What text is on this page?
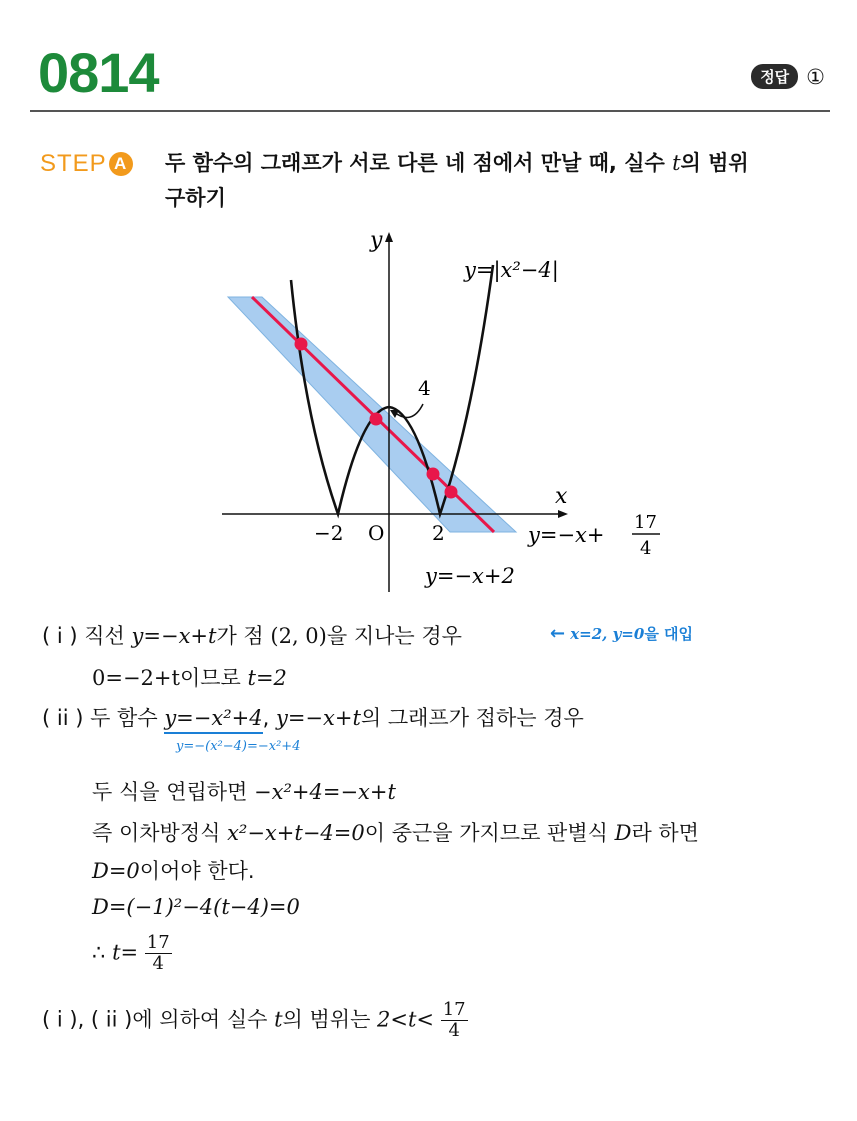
0814	정답 ①
STEP A 두 함수의 그래프가 서로 다른 네 점에서 만날 때, 실수 t의 범위
구하기
y
x
y=|x²−4|
4
−2 O 2	y=−x+
17
4
y=−x+2
( i ) 직선 y=−x+t가 점 (2, 0)을 지나는 경우	← x=2, y=0을 대입
0=−2+t이므로 t=2
( ii ) 두 함수 y=−x²+4, y=−x+t의 그래프가 접하는 경우
y=−(x²−4)=−x²+4
두 식을 연립하면 −x²+4=−x+t
즉 이차방정식 x²−x+t−4=0이 중근을 가지므로 판별식 D라 하면
D=0이어야 한다.
D=(−1)²−4(t−4)=0
∴ $t= \frac{17}{4}$
( i ), ( ii )에 의하여 실수 t의 범위는 $2<t< \frac{17}{4}$
